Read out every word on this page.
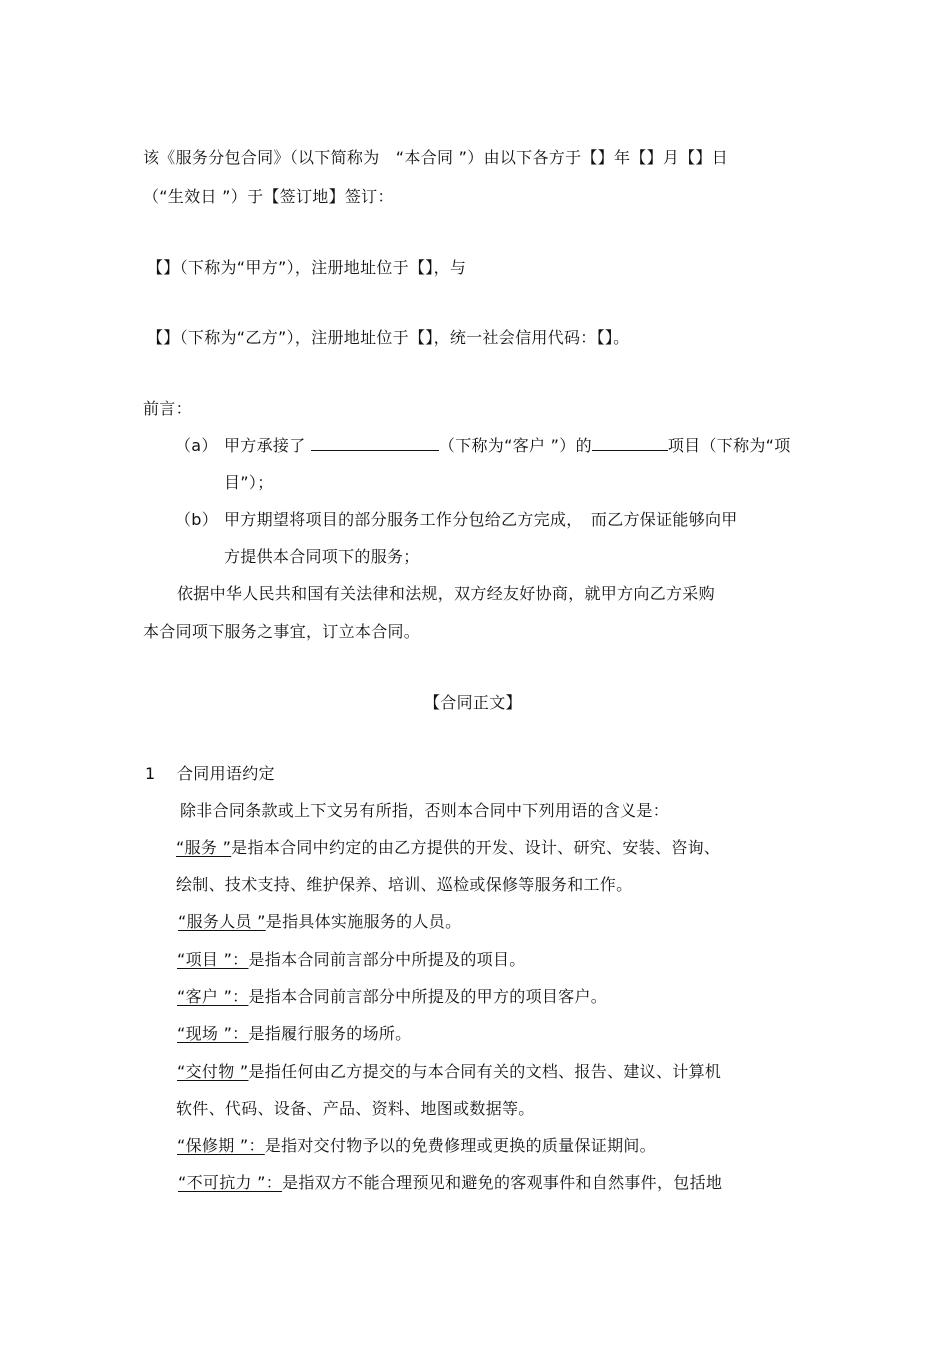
该《服务分包合同》（以下简称为　“本合同 ”）由以下各方于【】年【】月【】日
（“生效日 ”）于【签订地】签订：
【】（下称为“甲方”），注册地址位于【】，与
【】（下称为“乙方”），注册地址位于【】，统一社会信用代码：【】。
前言：
（a） 甲方承接了	（下称为“客户 ”）的	项目（下称为“项
目”）；
（b） 甲方期望将项目的部分服务工作分包给乙方完成，　而乙方保证能够向甲
方提供本合同项下的服务；
依据中华人民共和国有关法律和法规，双方经友好协商，就甲方向乙方采购
本合同项下服务之事宜，订立本合同。
【合同正文】
1 合同用语约定
除非合同条款或上下文另有所指，否则本合同中下列用语的含义是：
“服务 ”是指本合同中约定的由乙方提供的开发、设计、研究、安装、咨询、
绘制、技术支持、维护保养、培训、巡检或保修等服务和工作。
“服务人员 ”是指具体实施服务的人员。
“项目 ”：是指本合同前言部分中所提及的项目。
“客户 ”：是指本合同前言部分中所提及的甲方的项目客户。
“现场 ”：是指履行服务的场所。
“交付物 ”是指任何由乙方提交的与本合同有关的文档、报告、建议、计算机
软件、代码、设备、产品、资料、地图或数据等。
“保修期 ”：是指对交付物予以的免费修理或更换的质量保证期间。
“不可抗力 ”：是指双方不能合理预见和避免的客观事件和自然事件，包括地
